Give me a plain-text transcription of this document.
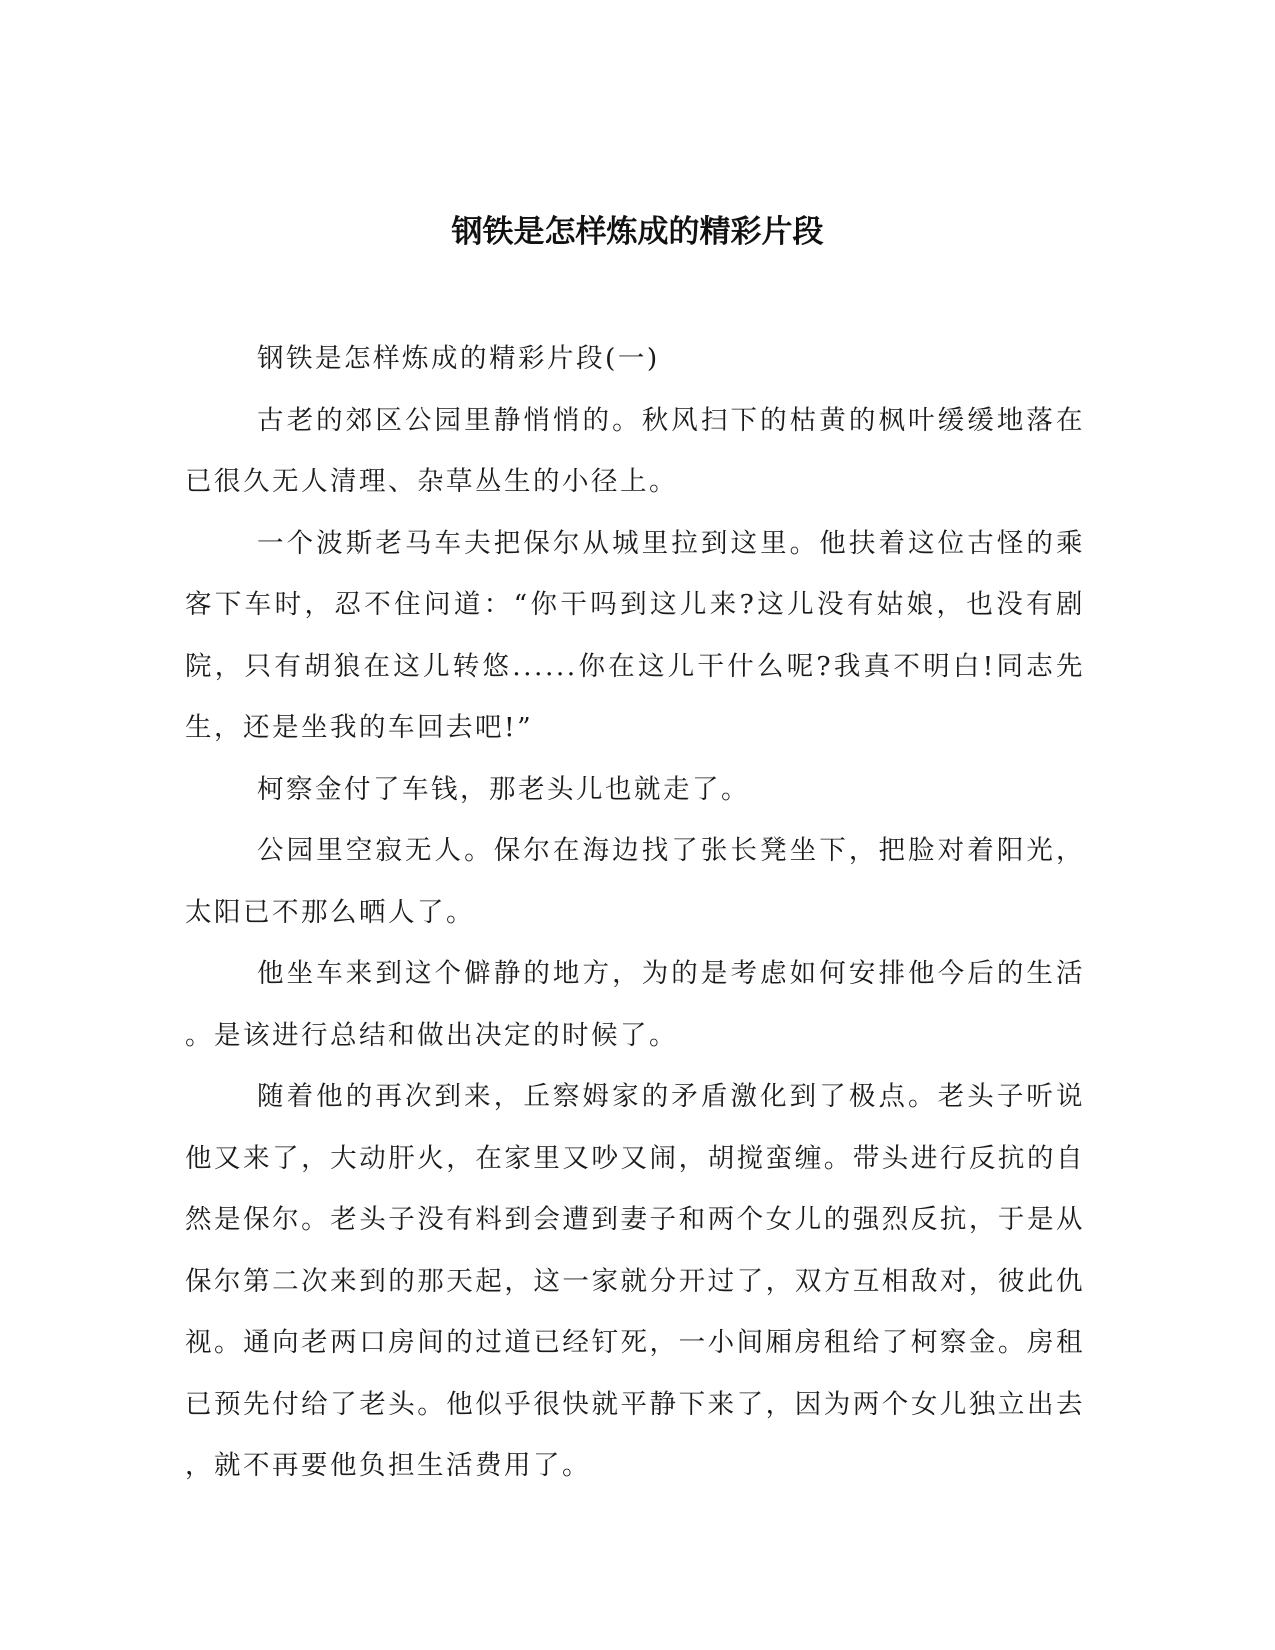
钢铁是怎样炼成的精彩片段

钢铁是怎样炼成的精彩片段(一)

古老的郊区公园里静悄悄的。秋风扫下的枯黄的枫叶缓缓地落在已很久无人清理、杂草丛生的小径上。

一个波斯老马车夫把保尔从城里拉到这里。他扶着这位古怪的乘客下车时，忍不住问道：“你干吗到这儿来?这儿没有姑娘，也没有剧院，只有胡狼在这儿转悠......你在这儿干什么呢?我真不明白!同志先生，还是坐我的车回去吧!”

柯察金付了车钱，那老头儿也就走了。

公园里空寂无人。保尔在海边找了张长凳坐下，把脸对着阳光，太阳已不那么晒人了。

他坐车来到这个僻静的地方，为的是考虑如何安排他今后的生活。是该进行总结和做出决定的时候了。

随着他的再次到来，丘察姆家的矛盾激化到了极点。老头子听说他又来了，大动肝火，在家里又吵又闹，胡搅蛮缠。带头进行反抗的自然是保尔。老头子没有料到会遭到妻子和两个女儿的强烈反抗，于是从保尔第二次来到的那天起，这一家就分开过了，双方互相敌对，彼此仇视。通向老两口房间的过道已经钉死，一小间厢房租给了柯察金。房租已预先付给了老头。他似乎很快就平静下来了，因为两个女儿独立出去，就不再要他负担生活费用了。
